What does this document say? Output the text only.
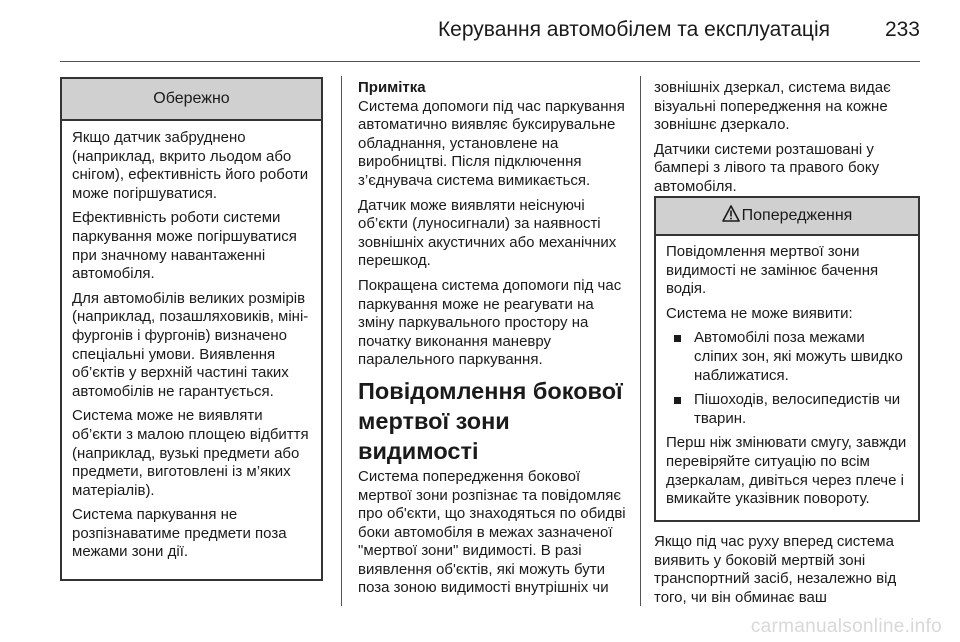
Керування автомобілем та експлуатація	233
Обережно

Якщо датчик забруднено (наприклад, вкрито льодом або снігом), ефективність його роботи може погіршуватися.

Ефективність роботи системи паркування може погіршуватися при значному навантаженні автомобіля.

Для автомобілів великих розмірів (наприклад, позашляховиків, міні-фургонів і фургонів) визначено спеціальні умови. Виявлення об’єктів у верхній частині таких автомобілів не гарантується.

Система може не виявляти об’єкти з малою площею відбиття (наприклад, вузькі предмети або предмети, виготовлені із м’яких матеріалів).

Система паркування не розпізнаватиме предмети поза межами зони дії.

Примітка

Система допомоги під час паркування автоматично виявляє буксирувальне обладнання, установлене на виробництві. Після підключення з’єднувача система вимикається.

Датчик може виявляти неіснуючі об’єкти (луносигнали) за наявності зовнішніх акустичних або механічних перешкод.

Покращена система допомоги під час паркування може не реагувати на зміну паркувального простору на початку виконання маневру паралельного паркування.

Повідомлення бокової мертвої зони видимості

Система попередження бокової мертвої зони розпізнає та повідомляє про об'єкти, що знаходяться по обидві боки автомобіля в межах зазначеної "мертвої зони" видимості. В разі виявлення об'єктів, які можуть бути поза зоною видимості внутрішніх чи

зовнішніх дзеркал, система видає візуальні попередження на кожне зовнішнє дзеркало.

Датчики системи розташовані у бампері з лівого та правого боку автомобіля.

Попередження

Повідомлення мертвої зони видимості не замінює бачення водія.

Система не може виявити:

Автомобілі поза межами сліпих зон, які можуть швидко наближатися.
Пішоходів, велосипедистів чи тварин.

Перш ніж змінювати смугу, завжди перевіряйте ситуацію по всім дзеркалам, дивіться через плече і вмикайте указівник повороту.

Якщо під час руху вперед система виявить у боковій мертвій зоні транспортний засіб, незалежно від того, чи він обминає ваш

carmanualsonline.info
